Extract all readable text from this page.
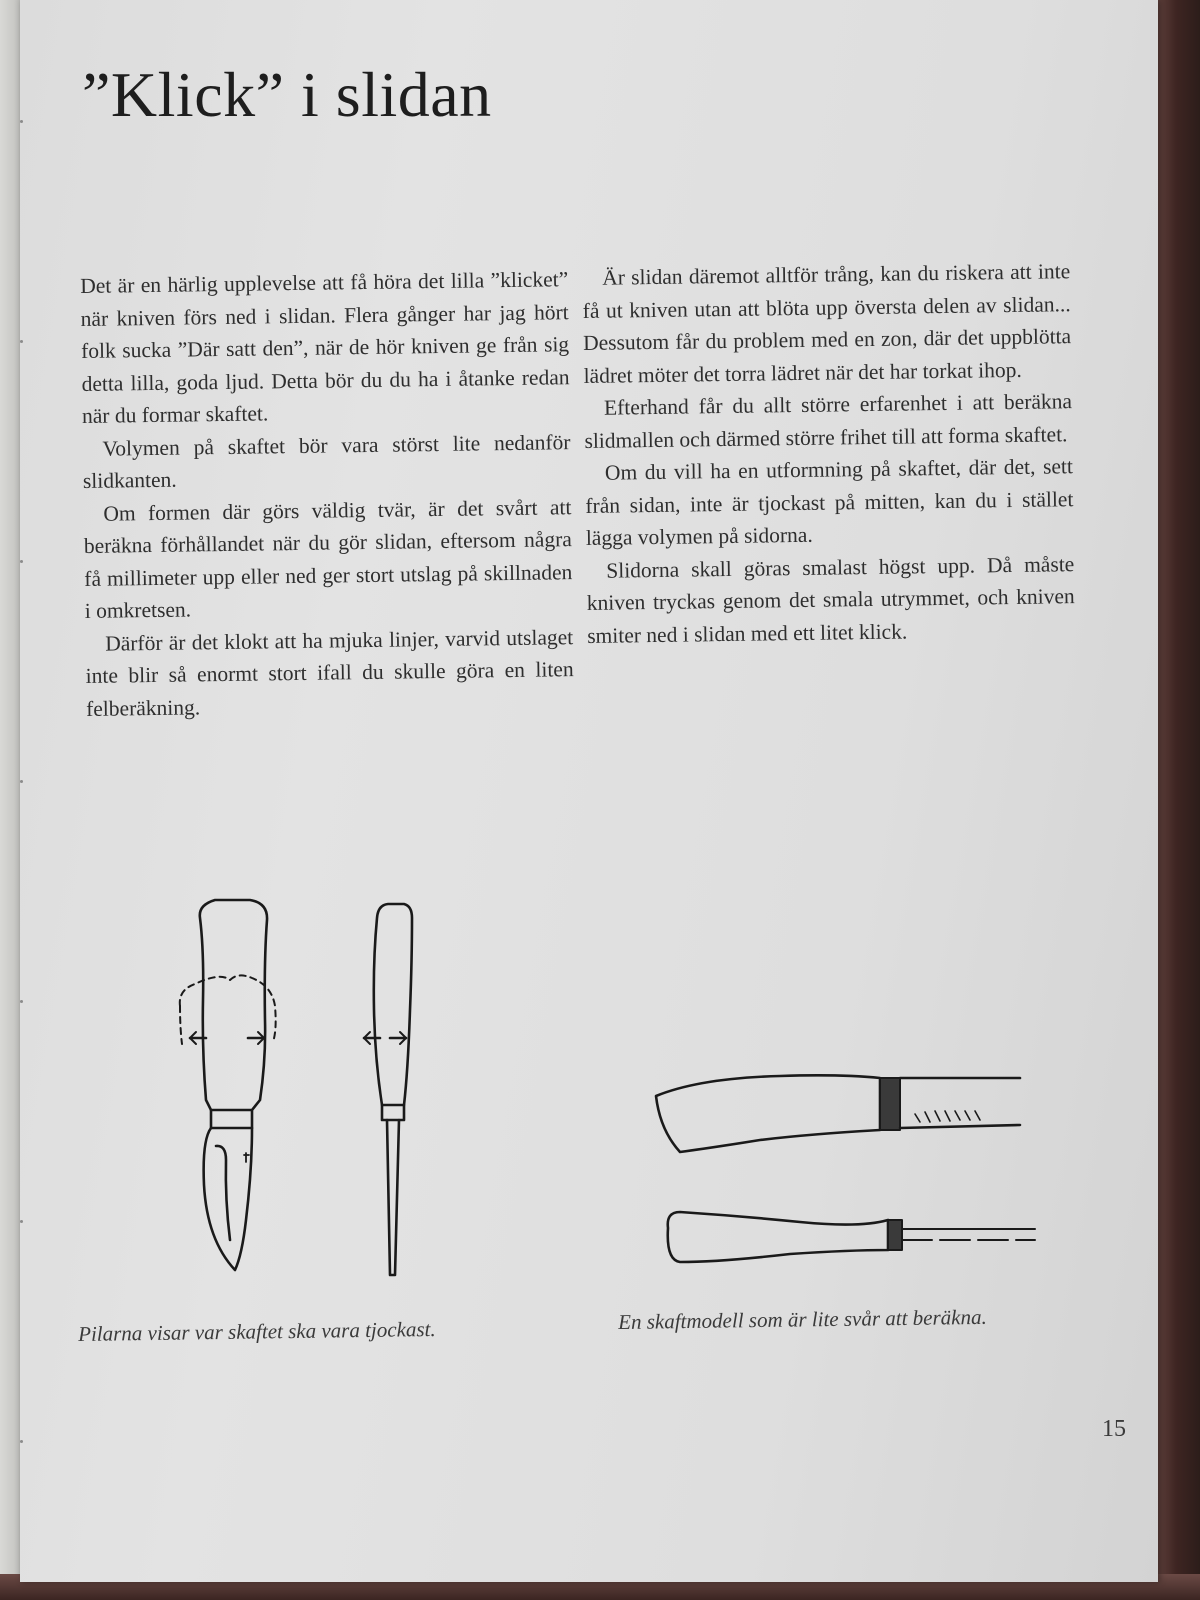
”Klick” i slidan

Det är en härlig upplevelse att få höra det lilla ”klicket” när kniven förs ned i slidan. Flera gånger har jag hört folk sucka ”Där satt den”, när de hör kniven ge från sig detta lilla, goda ljud. Detta bör du du ha i åtanke redan när du formar skaftet.

Volymen på skaftet bör vara störst lite nedanför slidkanten.

Om formen där görs väldig tvär, är det svårt att beräkna förhållandet när du gör slidan, eftersom några få millimeter upp eller ned ger stort utslag på skillnaden i omkretsen.

Därför är det klokt att ha mjuka linjer, varvid utslaget inte blir så enormt stort ifall du skulle göra en liten felberäkning.

Är slidan däremot alltför trång, kan du riskera att inte få ut kniven utan att blöta upp översta delen av slidan... Dessutom får du problem med en zon, där det uppblötta lädret möter det torra lädret när det har torkat ihop.

Efterhand får du allt större erfarenhet i att beräkna slidmallen och därmed större frihet till att forma skaftet.

Om du vill ha en utformning på skaftet, där det, sett från sidan, inte är tjockast på mitten, kan du i stället lägga volymen på sidorna.

Slidorna skall göras smalast högst upp. Då måste kniven tryckas genom det smala utrymmet, och kniven smiter ned i slidan med ett litet klick.

Pilarna visar var skaftet ska vara tjockast.	En skaftmodell som är lite svår att beräkna.
15
